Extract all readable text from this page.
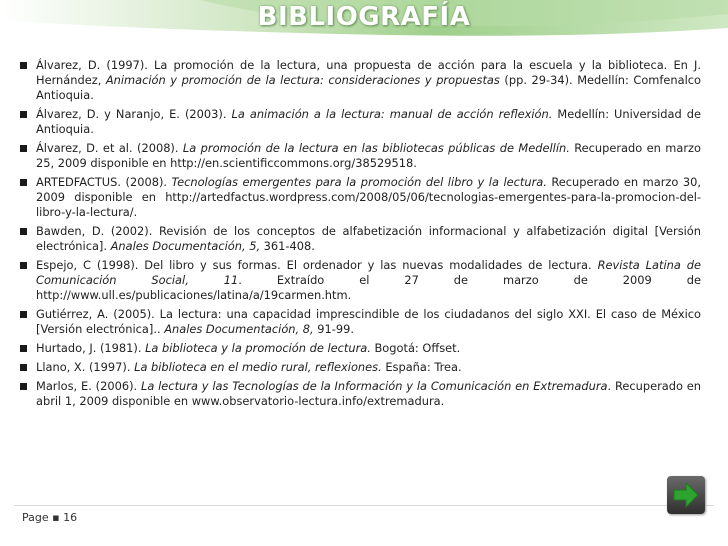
BIBLIOGRAFÍA
Álvarez, D. (1997). La promoción de la lectura, una propuesta de acción para la escuela y la biblioteca. En J. Hernández, Animación y promoción de la lectura: consideraciones y propuestas (pp. 29-34). Medellín: Comfenalco Antioquia.
Álvarez, D. y Naranjo, E. (2003). La animación a la lectura: manual de acción reflexión. Medellín: Universidad de Antioquia.
Álvarez, D. et al. (2008). La promoción de la lectura en las bibliotecas públicas de Medellín. Recuperado en marzo 25, 2009 disponible en http://en.scientificcommons.org/38529518.
ARTEDFACTUS. (2008). Tecnologías emergentes para la promoción del libro y la lectura. Recuperado en marzo 30, 2009 disponible en http://artedfactus.wordpress.com/2008/05/06/tecnologias-emergentes-para-la-promocion-del-libro-y-la-lectura/.
Bawden, D. (2002). Revisión de los conceptos de alfabetización informacional y alfabetización digital [Versión electrónica]. Anales Documentación, 5, 361-408.
Espejo, C (1998). Del libro y sus formas. El ordenador y las nuevas modalidades de lectura. Revista Latina de Comunicación Social, 11. Extraído el 27 de marzo de 2009 de http://www.ull.es/publicaciones/latina/a/19carmen.htm.
Gutiérrez, A. (2005). La lectura: una capacidad imprescindible de los ciudadanos del siglo XXI. El caso de México [Versión electrónica].. Anales Documentación, 8, 91-99.
Hurtado, J. (1981). La biblioteca y la promoción de lectura. Bogotá: Offset.
Llano, X. (1997). La biblioteca en el medio rural, reflexiones. España: Trea.
Marlos, E. (2006). La lectura y las Tecnologías de la Información y la Comunicación en Extremadura. Recuperado en abril 1, 2009 disponible en www.observatorio-lectura.info/extremadura.
Page ▪ 16
